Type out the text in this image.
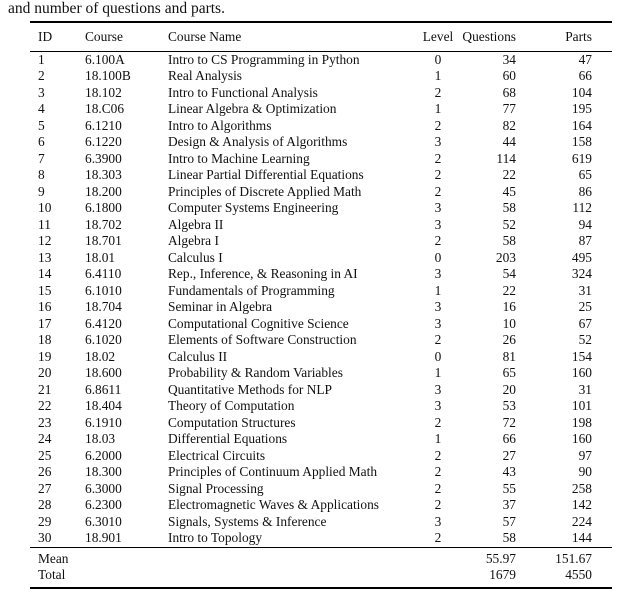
and number of questions and parts.
ID	Course	Course Name	Level	Questions	Parts
1	6.100A	Intro to CS Programming in Python	0	34	47
2	18.100B	Real Analysis	1	60	66
3	18.102	Intro to Functional Analysis	2	68	104
4	18.C06	Linear Algebra & Optimization	1	77	195
5	6.1210	Intro to Algorithms	2	82	164
6	6.1220	Design & Analysis of Algorithms	3	44	158
7	6.3900	Intro to Machine Learning	2	114	619
8	18.303	Linear Partial Differential Equations	2	22	65
9	18.200	Principles of Discrete Applied Math	2	45	86
10	6.1800	Computer Systems Engineering	3	58	112
11	18.702	Algebra II	3	52	94
12	18.701	Algebra I	2	58	87
13	18.01	Calculus I	0	203	495
14	6.4110	Rep., Inference, & Reasoning in AI	3	54	324
15	6.1010	Fundamentals of Programming	1	22	31
16	18.704	Seminar in Algebra	3	16	25
17	6.4120	Computational Cognitive Science	3	10	67
18	6.1020	Elements of Software Construction	2	26	52
19	18.02	Calculus II	0	81	154
20	18.600	Probability & Random Variables	1	65	160
21	6.8611	Quantitative Methods for NLP	3	20	31
22	18.404	Theory of Computation	3	53	101
23	6.1910	Computation Structures	2	72	198
24	18.03	Differential Equations	1	66	160
25	6.2000	Electrical Circuits	2	27	97
26	18.300	Principles of Continuum Applied Math	2	43	90
27	6.3000	Signal Processing	2	55	258
28	6.2300	Electromagnetic Waves & Applications	2	37	142
29	6.3010	Signals, Systems & Inference	3	57	224
30	18.901	Intro to Topology	2	58	144
Mean				55.97	151.67
Total				1679	4550
